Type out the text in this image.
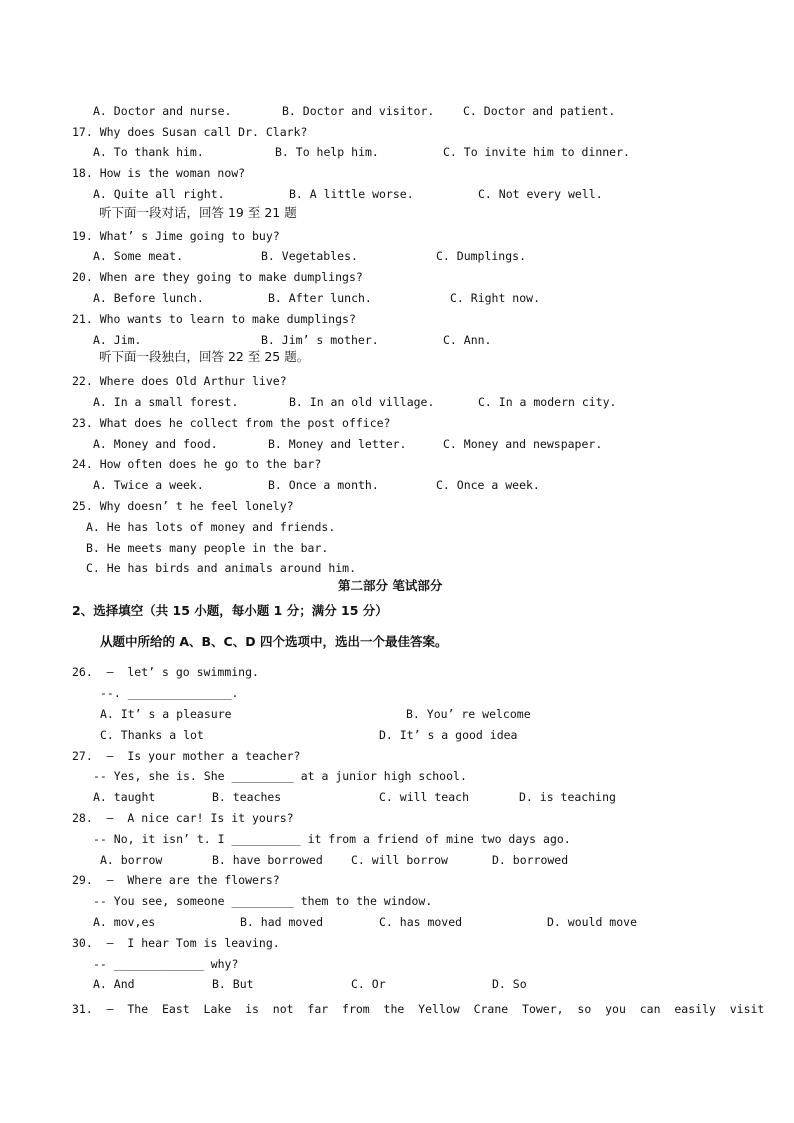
A. Doctor and nurse.	B. Doctor and visitor. C. Doctor and patient.
17. Why does Susan call Dr. Clark?
A. To thank him.	B. To help him.	C. To invite him to dinner.
18. How is the woman now?
A. Quite all right.	B. A little worse.	C. Not every well.
听下面一段对话，回答 19 至 21 题
19. What’ s Jime going to buy?
A. Some meat.	B. Vegetables.	C. Dumplings.
20. When are they going to make dumplings?
A. Before lunch.	B. After lunch.	C. Right now.
21. Who wants to learn to make dumplings?
A. Jim.	B. Jim’ s mother.	C. Ann.
听下面一段独白，回答 22 至 25 题。
22. Where does Old Arthur live?
A. In a small forest.	B. In an old village.	C. In a modern city.
23. What does he collect from the post office?
A. Money and food.	B. Money and letter.	C. Money and newspaper.
24. How often does he go to the bar?
A. Twice a week.	B. Once a month.	C. Once a week.
25. Why doesn’ t he feel lonely?
A. He has lots of money and friends.
B. He meets many people in the bar.
C. He has birds and animals around him.
第二部分 笔试部分
2、选择填空（共 15 小题，每小题 1 分；满分 15 分）
从题中所给的 A、B、C、D 四个选项中，选出一个最佳答案。
26.  ―  let’ s go swimming.
--. _______________.
A. It’ s a pleasure	B. You’ re welcome
C. Thanks a lot	D. It’ s a good idea
27.  ―  Is your mother a teacher?
-- Yes, she is. She _________ at a junior high school.
A. taught	B. teaches	C. will teach	D. is teaching
28.  ―  A nice car! Is it yours?
-- No, it isn’ t. I __________ it from a friend of mine two days ago.
A. borrow	B. have borrowed C. will borrow	D. borrowed
29.  ―  Where are the flowers?
-- You see, someone _________ them to the window.
A. mov,es	B. had moved	C. has moved	D. would move
30.  ―  I hear Tom is leaving.
-- _____________ why?
A. And	B. But	C. Or	D. So
31.  ―  The  East  Lake  is  not  far  from  the  Yellow  Crane  Tower,  so  you  can  easily  visit
